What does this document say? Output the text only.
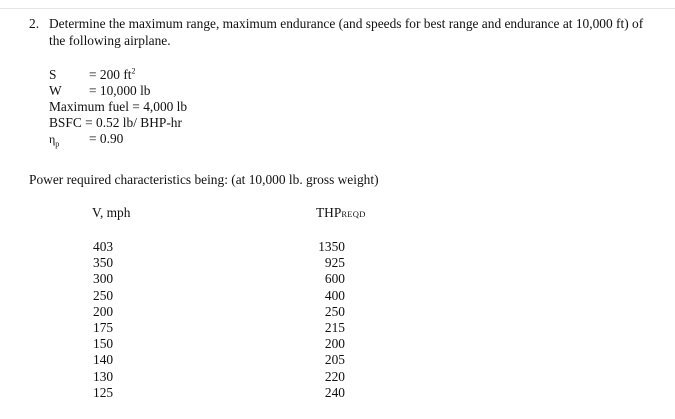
2. Determine the maximum range, maximum endurance (and speeds for best range and endurance at 10,000 ft) of the following airplane.
S = 200 $ft^2$
W = 10,000 lb
Maximum fuel = 4,000 lb
BSFC = 0.52 lb/ BHP-hr
$\eta_p = 0.90$
Power required characteristics being: (at 10,000 lb. gross weight)
V, mph	THPREQD
403	1350
350	925
300	600
250	400
200	250
175	215
150	200
140	205
130	220
125	240
